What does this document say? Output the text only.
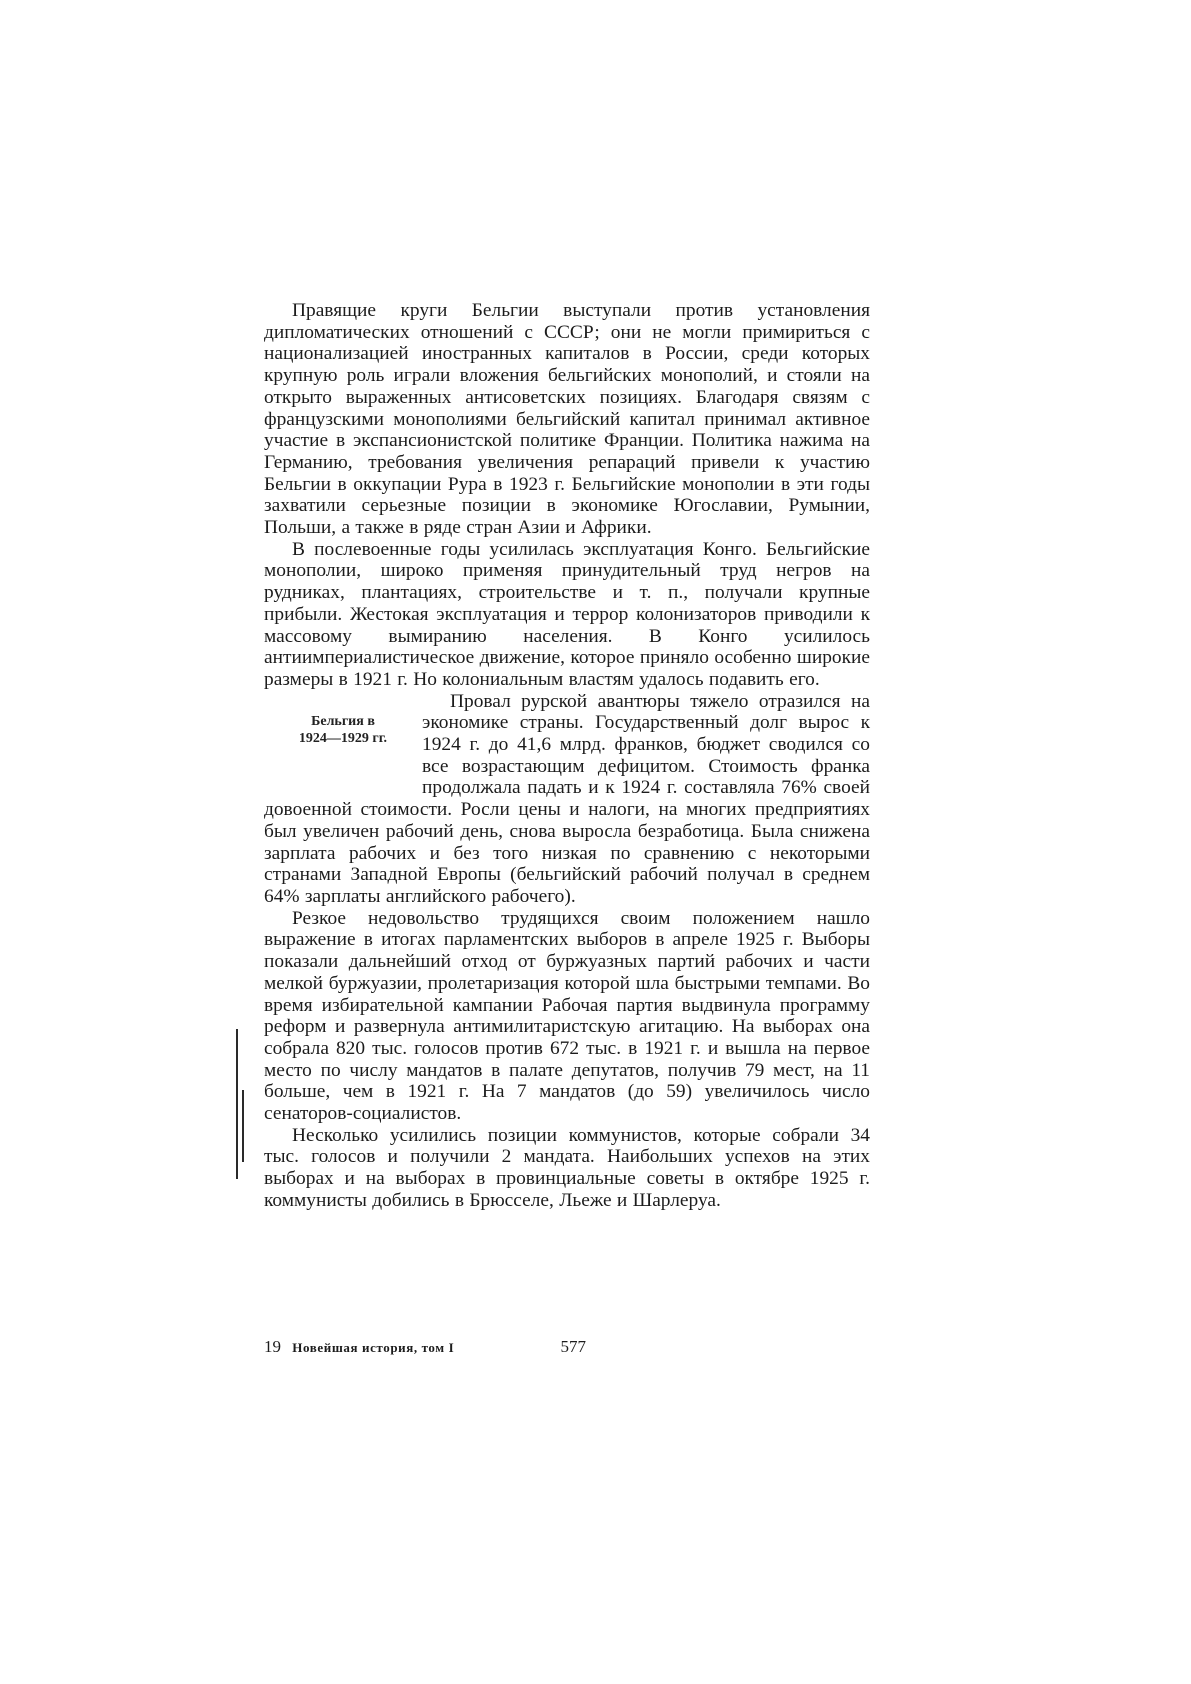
Правящие круги Бельгии выступали против установления дипломатических отношений с СССР; они не могли примириться с национализацией иностранных капиталов в России, среди которых крупную роль играли вложения бельгийских монополий, и стояли на открыто выраженных антисоветских позициях. Благодаря связям с французскими монополиями бельгийский капитал принимал активное участие в экспансионистской политике Франции. Политика нажима на Германию, требования увеличения репараций привели к участию Бельгии в оккупации Рура в 1923 г. Бельгийские монополии в эти годы захватили серьезные позиции в экономике Югославии, Румынии, Польши, а также в ряде стран Азии и Африки.

В послевоенные годы усилилась эксплуатация Конго. Бельгийские монополии, широко применяя принудительный труд негров на рудниках, плантациях, строительстве и т. п., получали крупные прибыли. Жестокая эксплуатация и террор колонизаторов приводили к массовому вымиранию населения. В Конго усилилось антиимпериалистическое движение, которое приняло особенно широкие размеры в 1921 г. Но колониальным властям удалось подавить его.

Бельгия в
1924—1929 гг.

Провал рурской авантюры тяжело отразился на экономике страны. Государственный долг вырос к 1924 г. до 41,6 млрд. франков, бюджет сводился со все возрастающим дефицитом. Стоимость франка продолжала падать и к 1924 г. составляла 76% своей довоенной стоимости. Росли цены и налоги, на многих предприятиях был увеличен рабочий день, снова выросла безработица. Была снижена зарплата рабочих и без того низкая по сравнению с некоторыми странами Западной Европы (бельгийский рабочий получал в среднем 64% зарплаты английского рабочего).

Резкое недовольство трудящихся своим положением нашло выражение в итогах парламентских выборов в апреле 1925 г. Выборы показали дальнейший отход от буржуазных партий рабочих и части мелкой буржуазии, пролетаризация которой шла быстрыми темпами. Во время избирательной кампании Рабочая партия выдвинула программу реформ и развернула антимилитаристскую агитацию. На выборах она собрала 820 тыс. голосов против 672 тыс. в 1921 г. и вышла на первое место по числу мандатов в палате депутатов, получив 79 мест, на 11 больше, чем в 1921 г. На 7 мандатов (до 59) увеличилось число сенаторов-социалистов.

Несколько усилились позиции коммунистов, которые собрали 34 тыс. голосов и получили 2 мандата. Наибольших успехов на этих выборах и на выборах в провинциальные советы в октябре 1925 г. коммунисты добились в Брюсселе, Льеже и Шарлеруа.

19 Новейшая история, том I	577
